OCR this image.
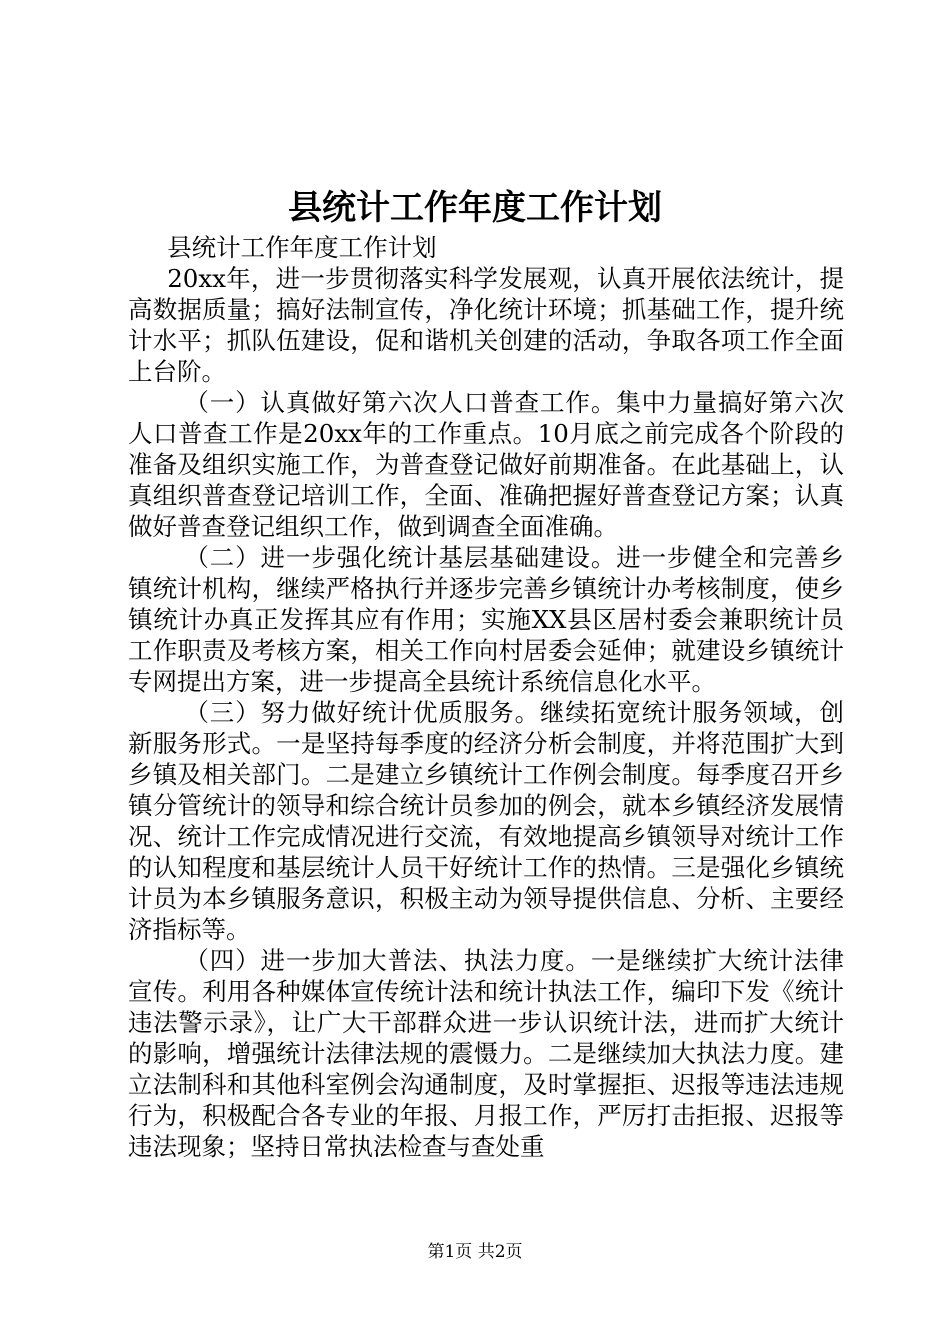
县统计工作年度工作计划

县统计工作年度工作计划

20xx年，进一步贯彻落实科学发展观，认真开展依法统计，提高数据质量；搞好法制宣传，净化统计环境；抓基础工作，提升统计水平；抓队伍建设，促和谐机关创建的活动，争取各项工作全面上台阶。

（一）认真做好第六次人口普查工作。集中力量搞好第六次人口普查工作是20xx年的工作重点。10月底之前完成各个阶段的准备及组织实施工作，为普查登记做好前期准备。在此基础上，认真组织普查登记培训工作，全面、准确把握好普查登记方案；认真做好普查登记组织工作，做到调查全面准确。

（二）进一步强化统计基层基础建设。进一步健全和完善乡镇统计机构，继续严格执行并逐步完善乡镇统计办考核制度，使乡镇统计办真正发挥其应有作用；实施XX县区居村委会兼职统计员工作职责及考核方案，相关工作向村居委会延伸；就建设乡镇统计专网提出方案，进一步提高全县统计系统信息化水平。

（三）努力做好统计优质服务。继续拓宽统计服务领域，创新服务形式。一是坚持每季度的经济分析会制度，并将范围扩大到乡镇及相关部门。二是建立乡镇统计工作例会制度。每季度召开乡镇分管统计的领导和综合统计员参加的例会，就本乡镇经济发展情况、统计工作完成情况进行交流，有效地提高乡镇领导对统计工作的认知程度和基层统计人员干好统计工作的热情。三是强化乡镇统计员为本乡镇服务意识，积极主动为领导提供信息、分析、主要经济指标等。

（四）进一步加大普法、执法力度。一是继续扩大统计法律宣传。利用各种媒体宣传统计法和统计执法工作，编印下发《统计违法警示录》，让广大干部群众进一步认识统计法，进而扩大统计的影响，增强统计法律法规的震慑力。二是继续加大执法力度。建立法制科和其他科室例会沟通制度，及时掌握拒、迟报等违法违规行为，积极配合各专业的年报、月报工作，严厉打击拒报、迟报等违法现象；坚持日常执法检查与查处重

第1页 共2页
